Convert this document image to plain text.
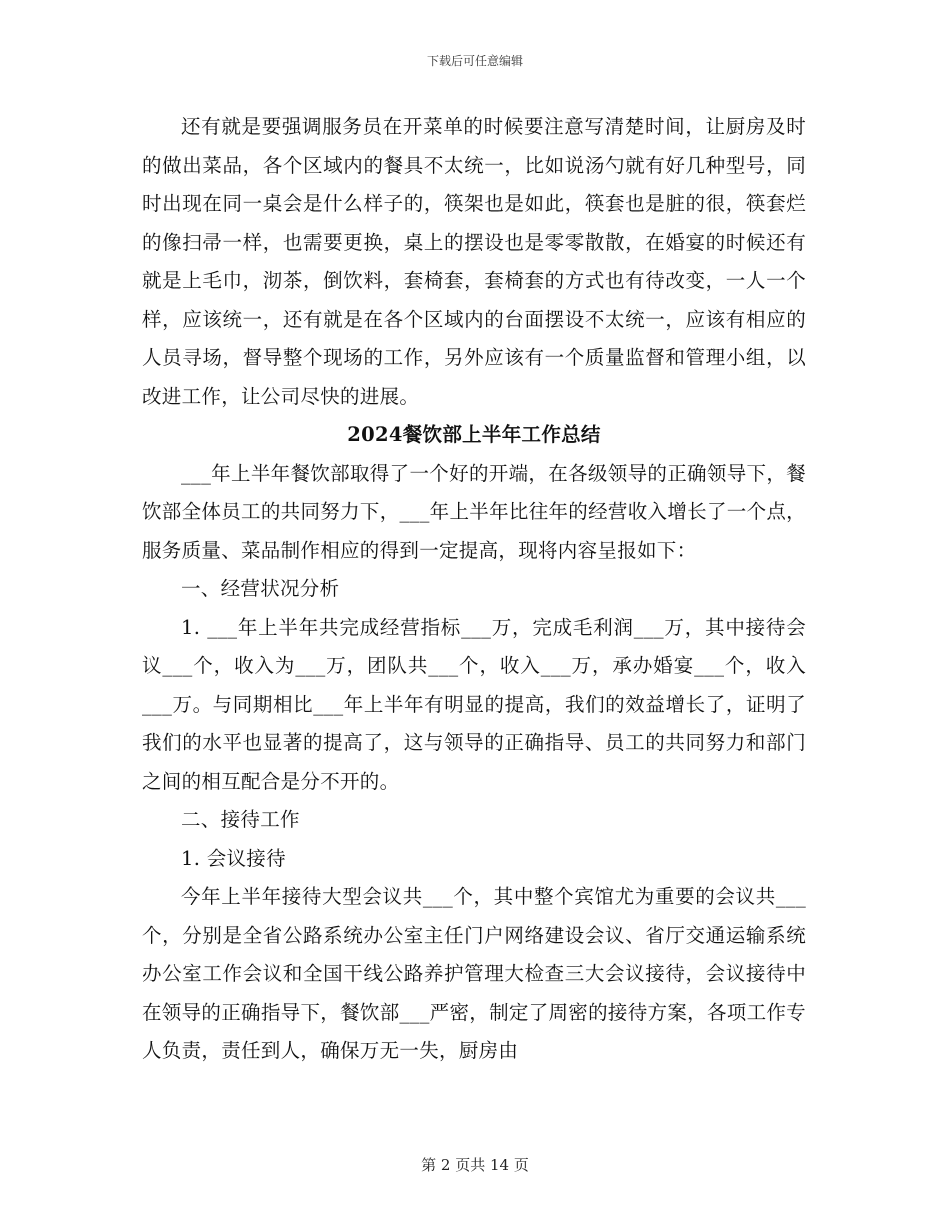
下载后可任意编辑

还有就是要强调服务员在开菜单的时候要注意写清楚时间，让厨房及时的做出菜品，各个区域内的餐具不太统一，比如说汤勺就有好几种型号，同时出现在同一桌会是什么样子的，筷架也是如此，筷套也是脏的很，筷套烂的像扫帚一样，也需要更换，桌上的摆设也是零零散散，在婚宴的时候还有就是上毛巾，沏茶，倒饮料，套椅套，套椅套的方式也有待改变，一人一个样，应该统一，还有就是在各个区域内的台面摆设不太统一，应该有相应的人员寻场，督导整个现场的工作，另外应该有一个质量监督和管理小组，以改进工作，让公司尽快的进展。

2024餐饮部上半年工作总结

___年上半年餐饮部取得了一个好的开端，在各级领导的正确领导下，餐饮部全体员工的共同努力下，___年上半年比往年的经营收入增长了一个点，服务质量、菜品制作相应的得到一定提高，现将内容呈报如下：

一、经营状况分析

1. ___年上半年共完成经营指标___万，完成毛利润___万，其中接待会议___个，收入为___万，团队共___个，收入___万，承办婚宴___个，收入___万。与同期相比___年上半年有明显的提高，我们的效益增长了，证明了我们的水平也显著的提高了，这与领导的正确指导、员工的共同努力和部门之间的相互配合是分不开的。

二、接待工作

1. 会议接待

今年上半年接待大型会议共___个，其中整个宾馆尤为重要的会议共___个，分别是全省公路系统办公室主任门户网络建设会议、省厅交通运输系统办公室工作会议和全国干线公路养护管理大检查三大会议接待，会议接待中在领导的正确指导下，餐饮部___严密，制定了周密的接待方案，各项工作专人负责，责任到人，确保万无一失，厨房由

第 2 页共 14 页
